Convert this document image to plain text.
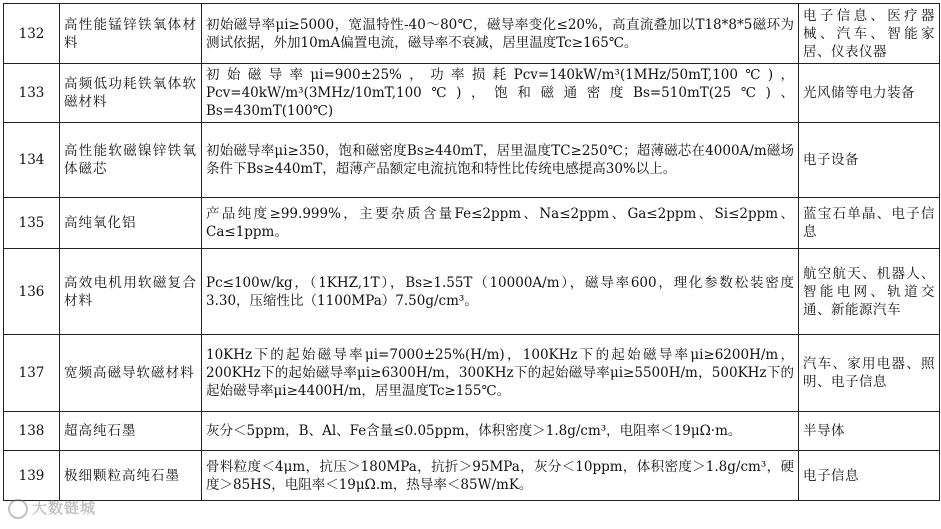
132	高性能锰锌铁氧体材料	初始磁导率μi≥5000，宽温特性-40～80℃，磁导率变化≤20%，高直流叠加以T18*8*5磁环为测试依据，外加10mA偏置电流，磁导率不衰减，居里温度Tc≥165℃。	电子信息、医疗器械、汽车、智能家居、仪表仪器
133	高频低功耗铁氧体软磁材料	初始磁导率μi=900±25%，功率损耗Pcv=140kW/m³(1MHz/50mT,100℃)，Pcv=40kW/m³(3MHz/10mT,100℃)，饱和磁通密度Bs=510mT(25℃)、Bs=430mT(100℃)	光风储等电力装备
134	高性能软磁镍锌铁氧体磁芯	初始磁导率μi≥350，饱和磁密度Bs≥440mT，居里温度TC≥250℃；超薄磁芯在4000A/m磁场条件下Bs≥440mT，超薄产品额定电流抗饱和特性比传统电感提高30%以上。	电子设备
135	高纯氧化铝	产品纯度≥99.999%，主要杂质含量Fe≤2ppm、Na≤2ppm、Ga≤2ppm、Si≤2ppm、Ca≤1ppm。	蓝宝石单晶、电子信息
136	高效电机用软磁复合材料	Pc≤100w/kg，（1KHZ,1T），Bs≥1.55T（10000A/m），磁导率600，理化参数松装密度3.30，压缩性比（1100MPa）7.50g/cm³。	航空航天、机器人、智能电网、轨道交通、新能源汽车
137	宽频高磁导软磁材料	10KHz下的起始磁导率μi=7000±25%(H/m)，100KHz下的起始磁导率μi≥6200H/m，200KHz下的起始磁导率μi≥6300H/m，300KHz下的起始磁导率μi≥5500H/m，500KHz下的起始磁导率μi≥4400H/m，居里温度Tc≥155℃。	汽车、家用电器、照明、电子信息
138	超高纯石墨	灰分＜5ppm，B、Al、Fe含量≤0.05ppm，体积密度＞1.8g/cm³，电阻率＜19μΩ·m。	半导体
139	极细颗粒高纯石墨	骨料粒度＜4μm，抗压＞180MPa，抗折＞95MPa，灰分＜10ppm，体积密度＞1.8g/cm³，硬度＞85HS，电阻率＜19μΩ.m，热导率＜85W/mK。	电子信息
大数链城
